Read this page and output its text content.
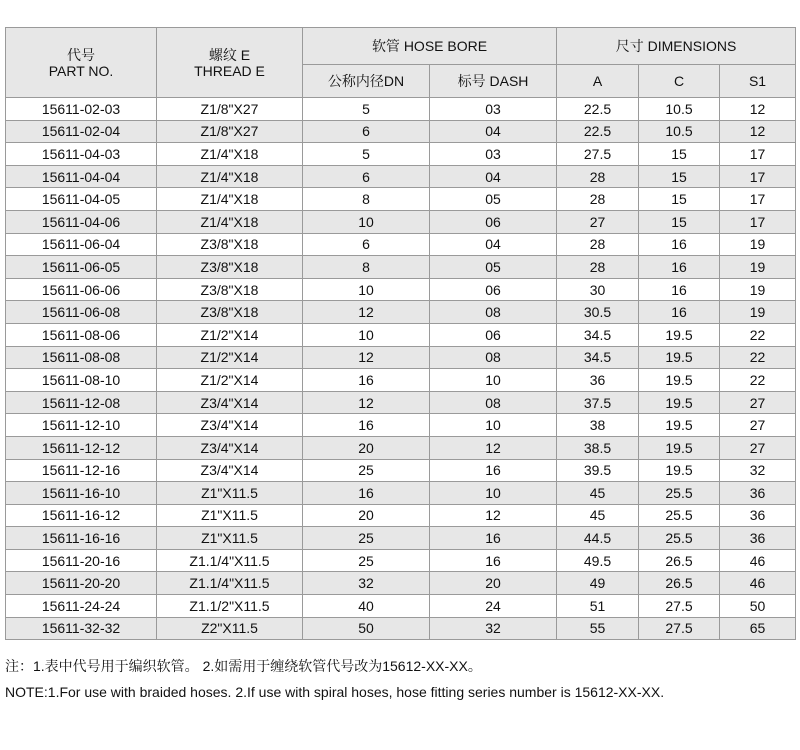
代号
PART NO.	螺纹 E
THREAD E	软管 HOSE BORE		尺寸 DIMENSIONS		
		公称内径DN	标号 DASH	A	C	S1
15611-02-03	Z1/8"X27	5	03	22.5	10.5	12
15611-02-04	Z1/8"X27	6	04	22.5	10.5	12
15611-04-03	Z1/4"X18	5	03	27.5	15	17
15611-04-04	Z1/4"X18	6	04	28	15	17
15611-04-05	Z1/4"X18	8	05	28	15	17
15611-04-06	Z1/4"X18	10	06	27	15	17
15611-06-04	Z3/8"X18	6	04	28	16	19
15611-06-05	Z3/8"X18	8	05	28	16	19
15611-06-06	Z3/8"X18	10	06	30	16	19
15611-06-08	Z3/8"X18	12	08	30.5	16	19
15611-08-06	Z1/2"X14	10	06	34.5	19.5	22
15611-08-08	Z1/2"X14	12	08	34.5	19.5	22
15611-08-10	Z1/2"X14	16	10	36	19.5	22
15611-12-08	Z3/4"X14	12	08	37.5	19.5	27
15611-12-10	Z3/4"X14	16	10	38	19.5	27
15611-12-12	Z3/4"X14	20	12	38.5	19.5	27
15611-12-16	Z3/4"X14	25	16	39.5	19.5	32
15611-16-10	Z1"X11.5	16	10	45	25.5	36
15611-16-12	Z1"X11.5	20	12	45	25.5	36
15611-16-16	Z1"X11.5	25	16	44.5	25.5	36
15611-20-16	Z1.1/4"X11.5	25	16	49.5	26.5	46
15611-20-20	Z1.1/4"X11.5	32	20	49	26.5	46
15611-24-24	Z1.1/2"X11.5	40	24	51	27.5	50
15611-32-32	Z2"X11.5	50	32	55	27.5	65
注：1.表中代号用于编织软管。 2.如需用于缠绕软管代号改为15612-XX-XX。
NOTE:1.For use with braided hoses. 2.If use with spiral hoses, hose fitting series number is 15612-XX-XX.
